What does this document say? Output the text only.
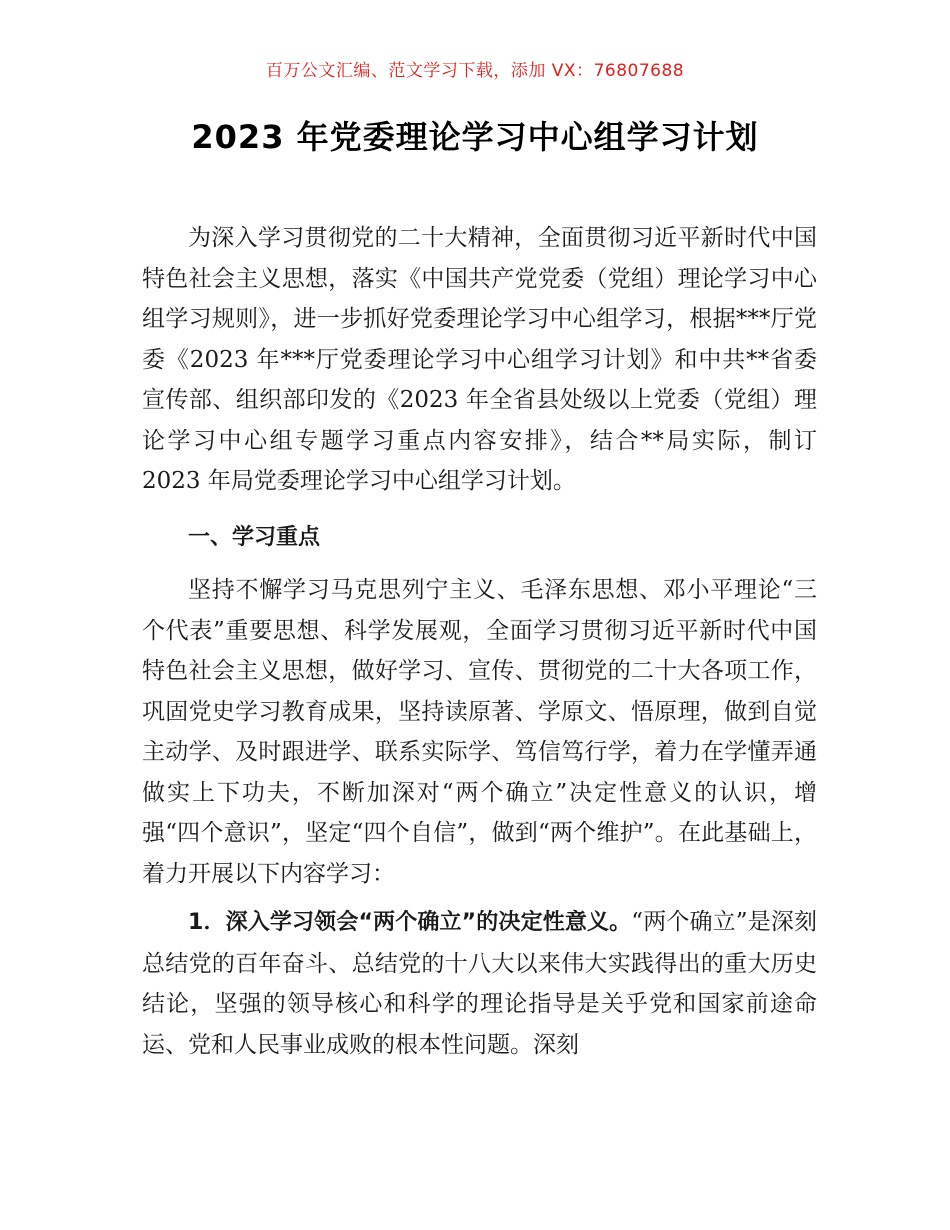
百万公文汇编、范文学习下载，添加 VX：76807688
2023 年党委理论学习中心组学习计划

为深入学习贯彻党的二十大精神，全面贯彻习近平新时代中国特色社会主义思想，落实《中国共产党党委（党组）理论学习中心组学习规则》，进一步抓好党委理论学习中心组学习，根据***厅党委《2023 年***厅党委理论学习中心组学习计划》和中共**省委宣传部、组织部印发的《2023 年全省县处级以上党委（党组）理论学习中心组专题学习重点内容安排》，结合**局实际，制订 2023 年局党委理论学习中心组学习计划。

一、学习重点

坚持不懈学习马克思列宁主义、毛泽东思想、邓小平理论“三个代表”重要思想、科学发展观，全面学习贯彻习近平新时代中国特色社会主义思想，做好学习、宣传、贯彻党的二十大各项工作，巩固党史学习教育成果，坚持读原著、学原文、悟原理，做到自觉主动学、及时跟进学、联系实际学、笃信笃行学，着力在学懂弄通做实上下功夫，不断加深对“两个确立”决定性意义的认识，增强“四个意识”，坚定“四个自信”，做到“两个维护”。在此基础上，着力开展以下内容学习：

1．深入学习领会“两个确立”的决定性意义。“两个确立”是深刻总结党的百年奋斗、总结党的十八大以来伟大实践得出的重大历史结论，坚强的领导核心和科学的理论指导是关乎党和国家前途命运、党和人民事业成败的根本性问题。深刻
